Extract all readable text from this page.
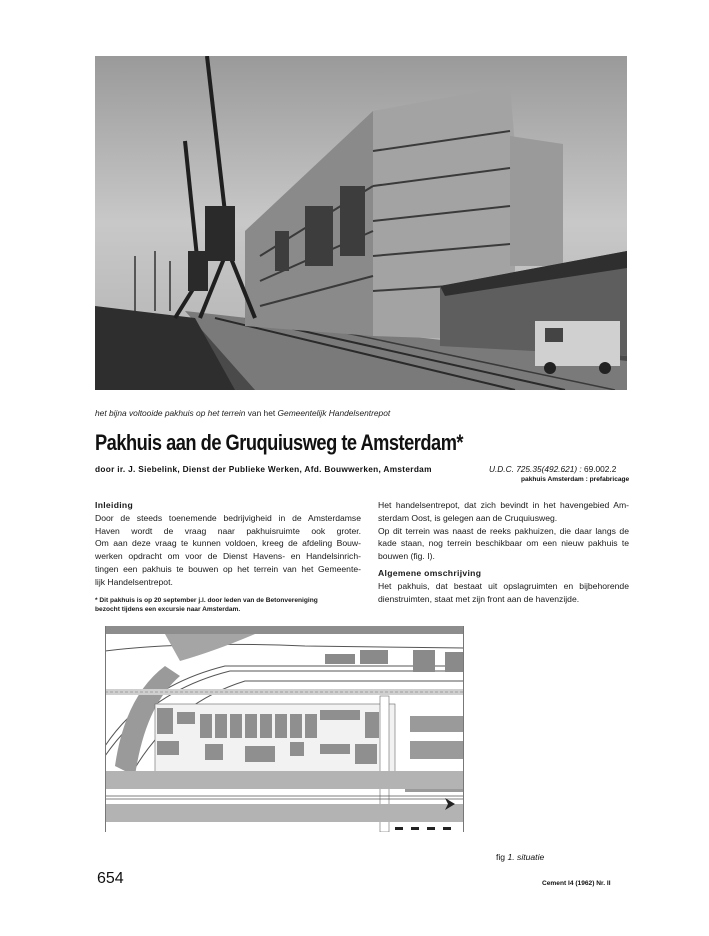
het bijna voltooide pakhuis op het terrein van het Gemeentelijk Handelsentrepot
Pakhuis aan de Gruquiusweg te Amsterdam*
door ir. J. Siebelink, Dienst der Publieke Werken, Afd. Bouwwerken, Amsterdam	U.D.C. 725.35(492.621) : 69.002.2
pakhuis Amsterdam : prefabricage
Inleiding
Door de steeds toenemende bedrijvigheid in de Amsterdamse
Haven wordt de vraag naar pakhuisruimte ook groter.
Om aan deze vraag te kunnen voldoen, kreeg de afdeling Bouw-
werken opdracht om voor de Dienst Havens- en Handelsinrich-
tingen een pakhuis te bouwen op het terrein van het Gemeente-
lijk Handelsentrepot.
* Dit pakhuis is op 20 september j.l. door leden van de Betonvereniging
bezocht tijdens een excursie naar Amsterdam.
Het handelsentrepot, dat zich bevindt in het havengebied Am-
sterdam Oost, is gelegen aan de Cruquiusweg.
Op dit terrein was naast de reeks pakhuizen, die daar langs de
kade staan, nog terrein beschikbaar om een nieuw pakhuis te
bouwen (fig. I).
Algemene omschrijving
Het pakhuis, dat bestaat uit opslagruimten en bijbehorende
dienstruimten, staat met zijn front aan de havenzijde.
fig 1. situatie
654	Cement I4 (1962) Nr. II
